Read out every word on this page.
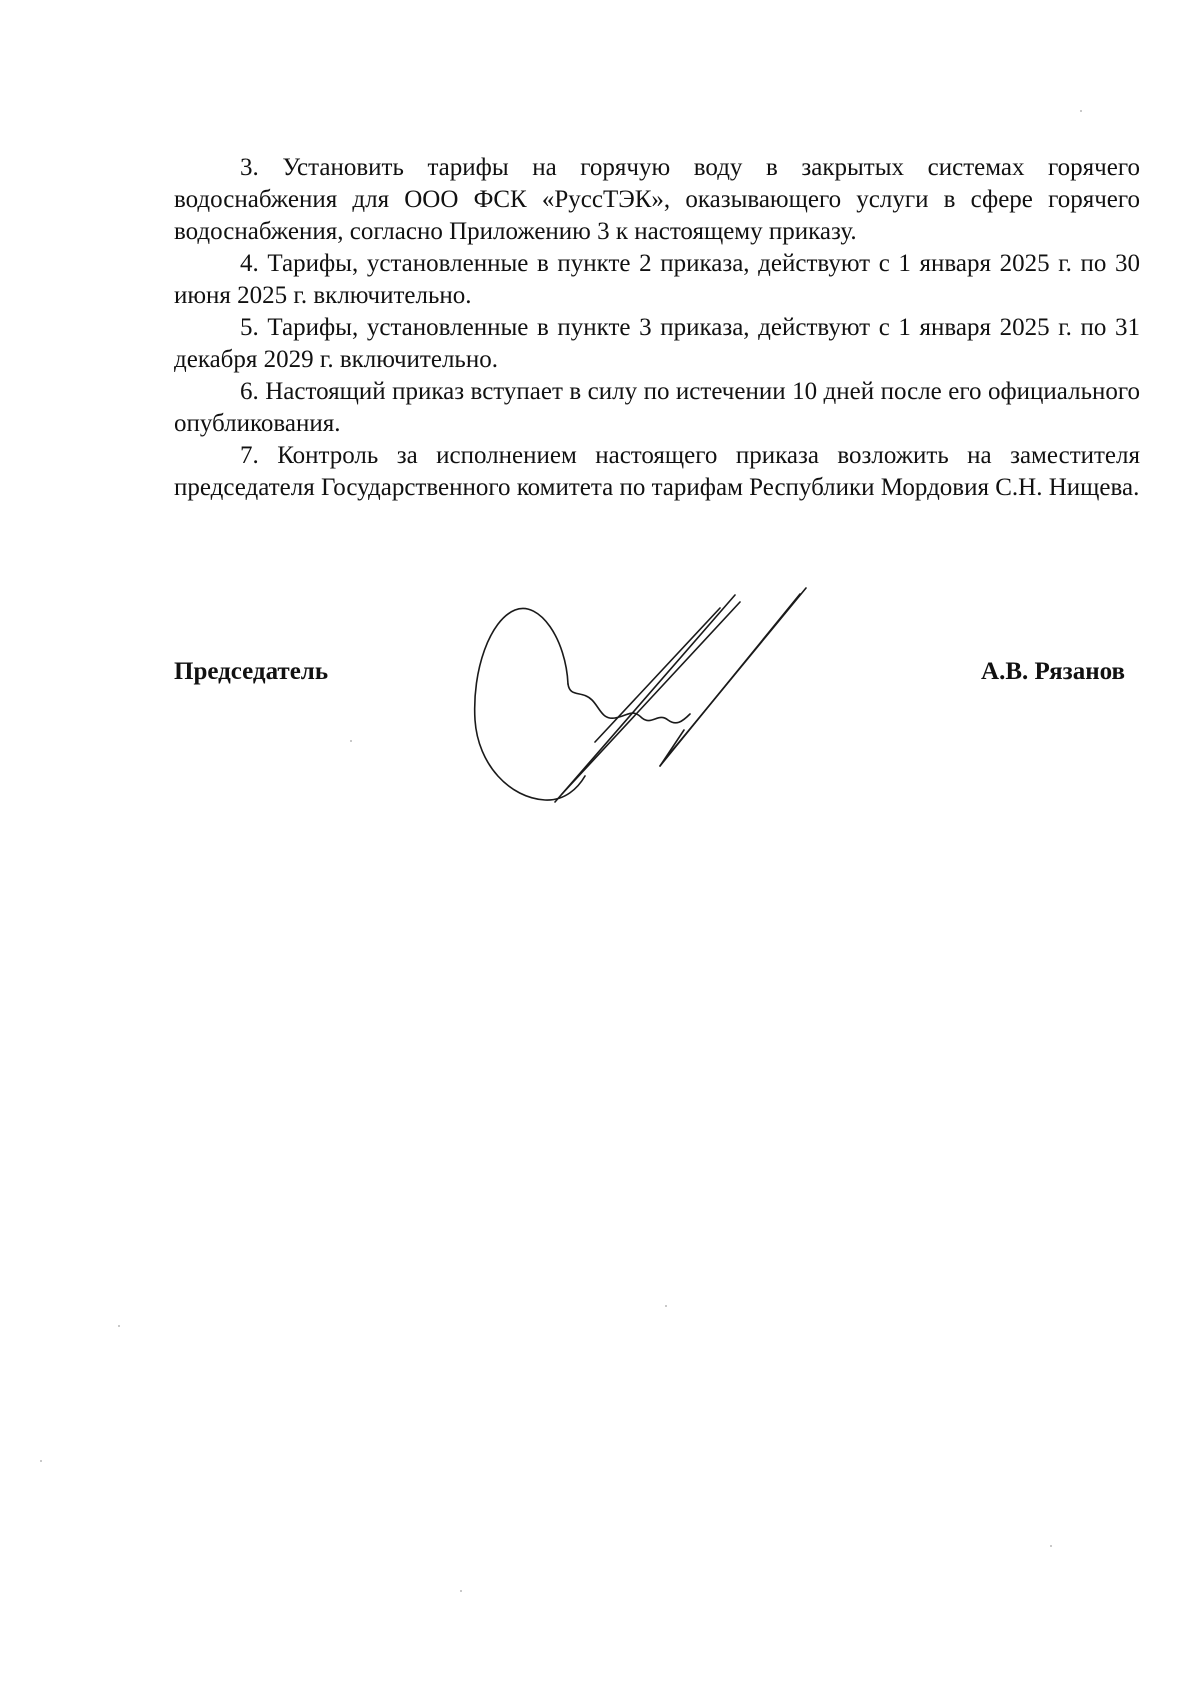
3. Установить тарифы на горячую воду в закрытых системах горячего водоснабжения для ООО ФСК «РуссТЭК», оказывающего услуги в сфере горячего водоснабжения, согласно Приложению 3 к настоящему приказу.

4. Тарифы, установленные в пункте 2 приказа, действуют с 1 января 2025 г. по 30 июня 2025 г. включительно.

5. Тарифы, установленные в пункте 3 приказа, действуют с 1 января 2025 г. по 31 декабря 2029 г. включительно.

6. Настоящий приказ вступает в силу по истечении 10 дней после его официального опубликования.

7. Контроль за исполнением настоящего приказа возложить на заместителя председателя Государственного комитета по тарифам Республики Мордовия С.Н. Нищева.

Председатель	А.В. Рязанов
